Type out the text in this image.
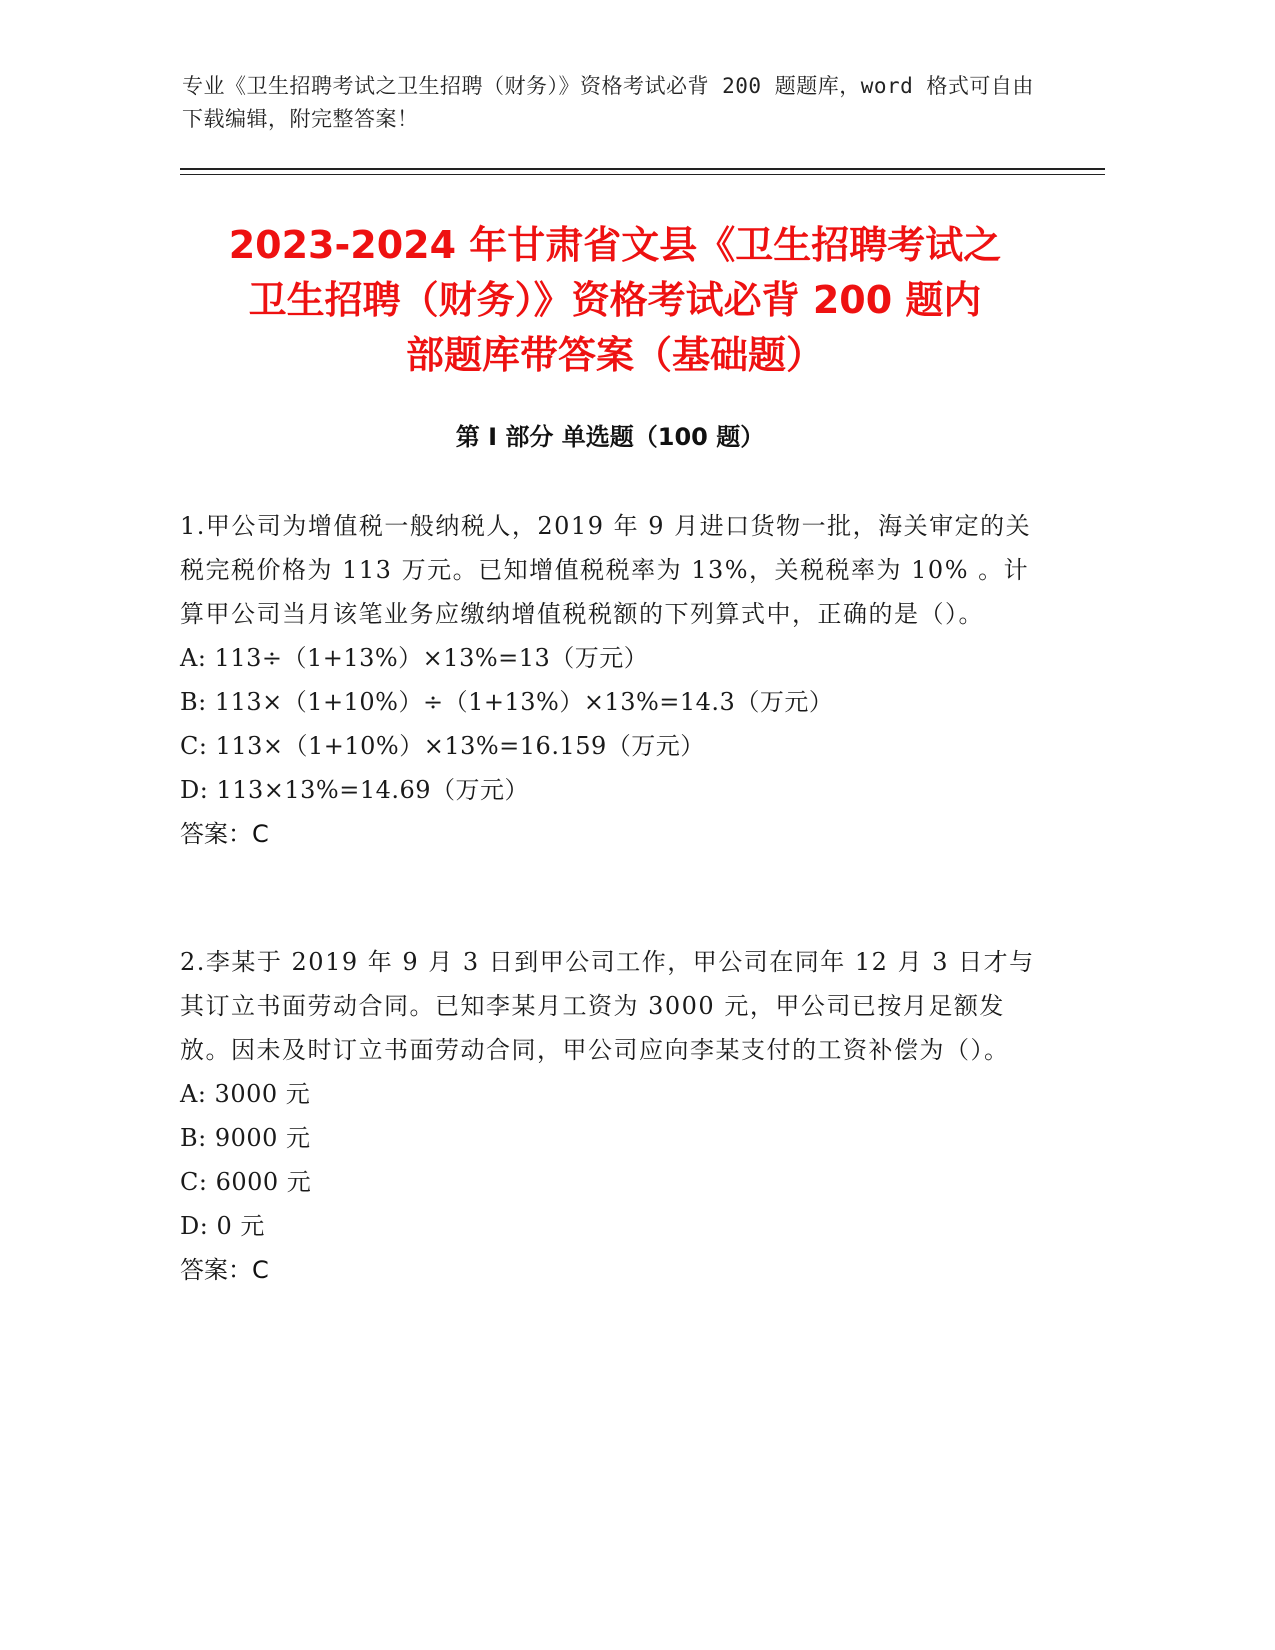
专业《卫生招聘考试之卫生招聘（财务）》资格考试必背 200 题题库，word 格式可自由下载编辑，附完整答案！
2023-2024 年甘肃省文县《卫生招聘考试之
卫生招聘（财务）》资格考试必背 200 题内
部题库带答案（基础题）
第 I 部分 单选题（100 题）
1.甲公司为增值税一般纳税人，2019 年 9 月进口货物一批，海关审定的关税完税价格为 113 万元。已知增值税税率为 13%，关税税率为 10% 。计算甲公司当月该笔业务应缴纳增值税税额的下列算式中，正确的是（）。
A: 113÷（1+13%）×13%=13（万元）
B: 113×（1+10%）÷（1+13%）×13%=14.3（万元）
C: 113×（1+10%）×13%=16.159（万元）
D: 113×13%=14.69（万元）
答案：C
2.李某于 2019 年 9 月 3 日到甲公司工作，甲公司在同年 12 月 3 日才与其订立书面劳动合同。已知李某月工资为 3000 元，甲公司已按月足额发放。因未及时订立书面劳动合同，甲公司应向李某支付的工资补偿为（）。
A: 3000 元
B: 9000 元
C: 6000 元
D: 0 元
答案：C
